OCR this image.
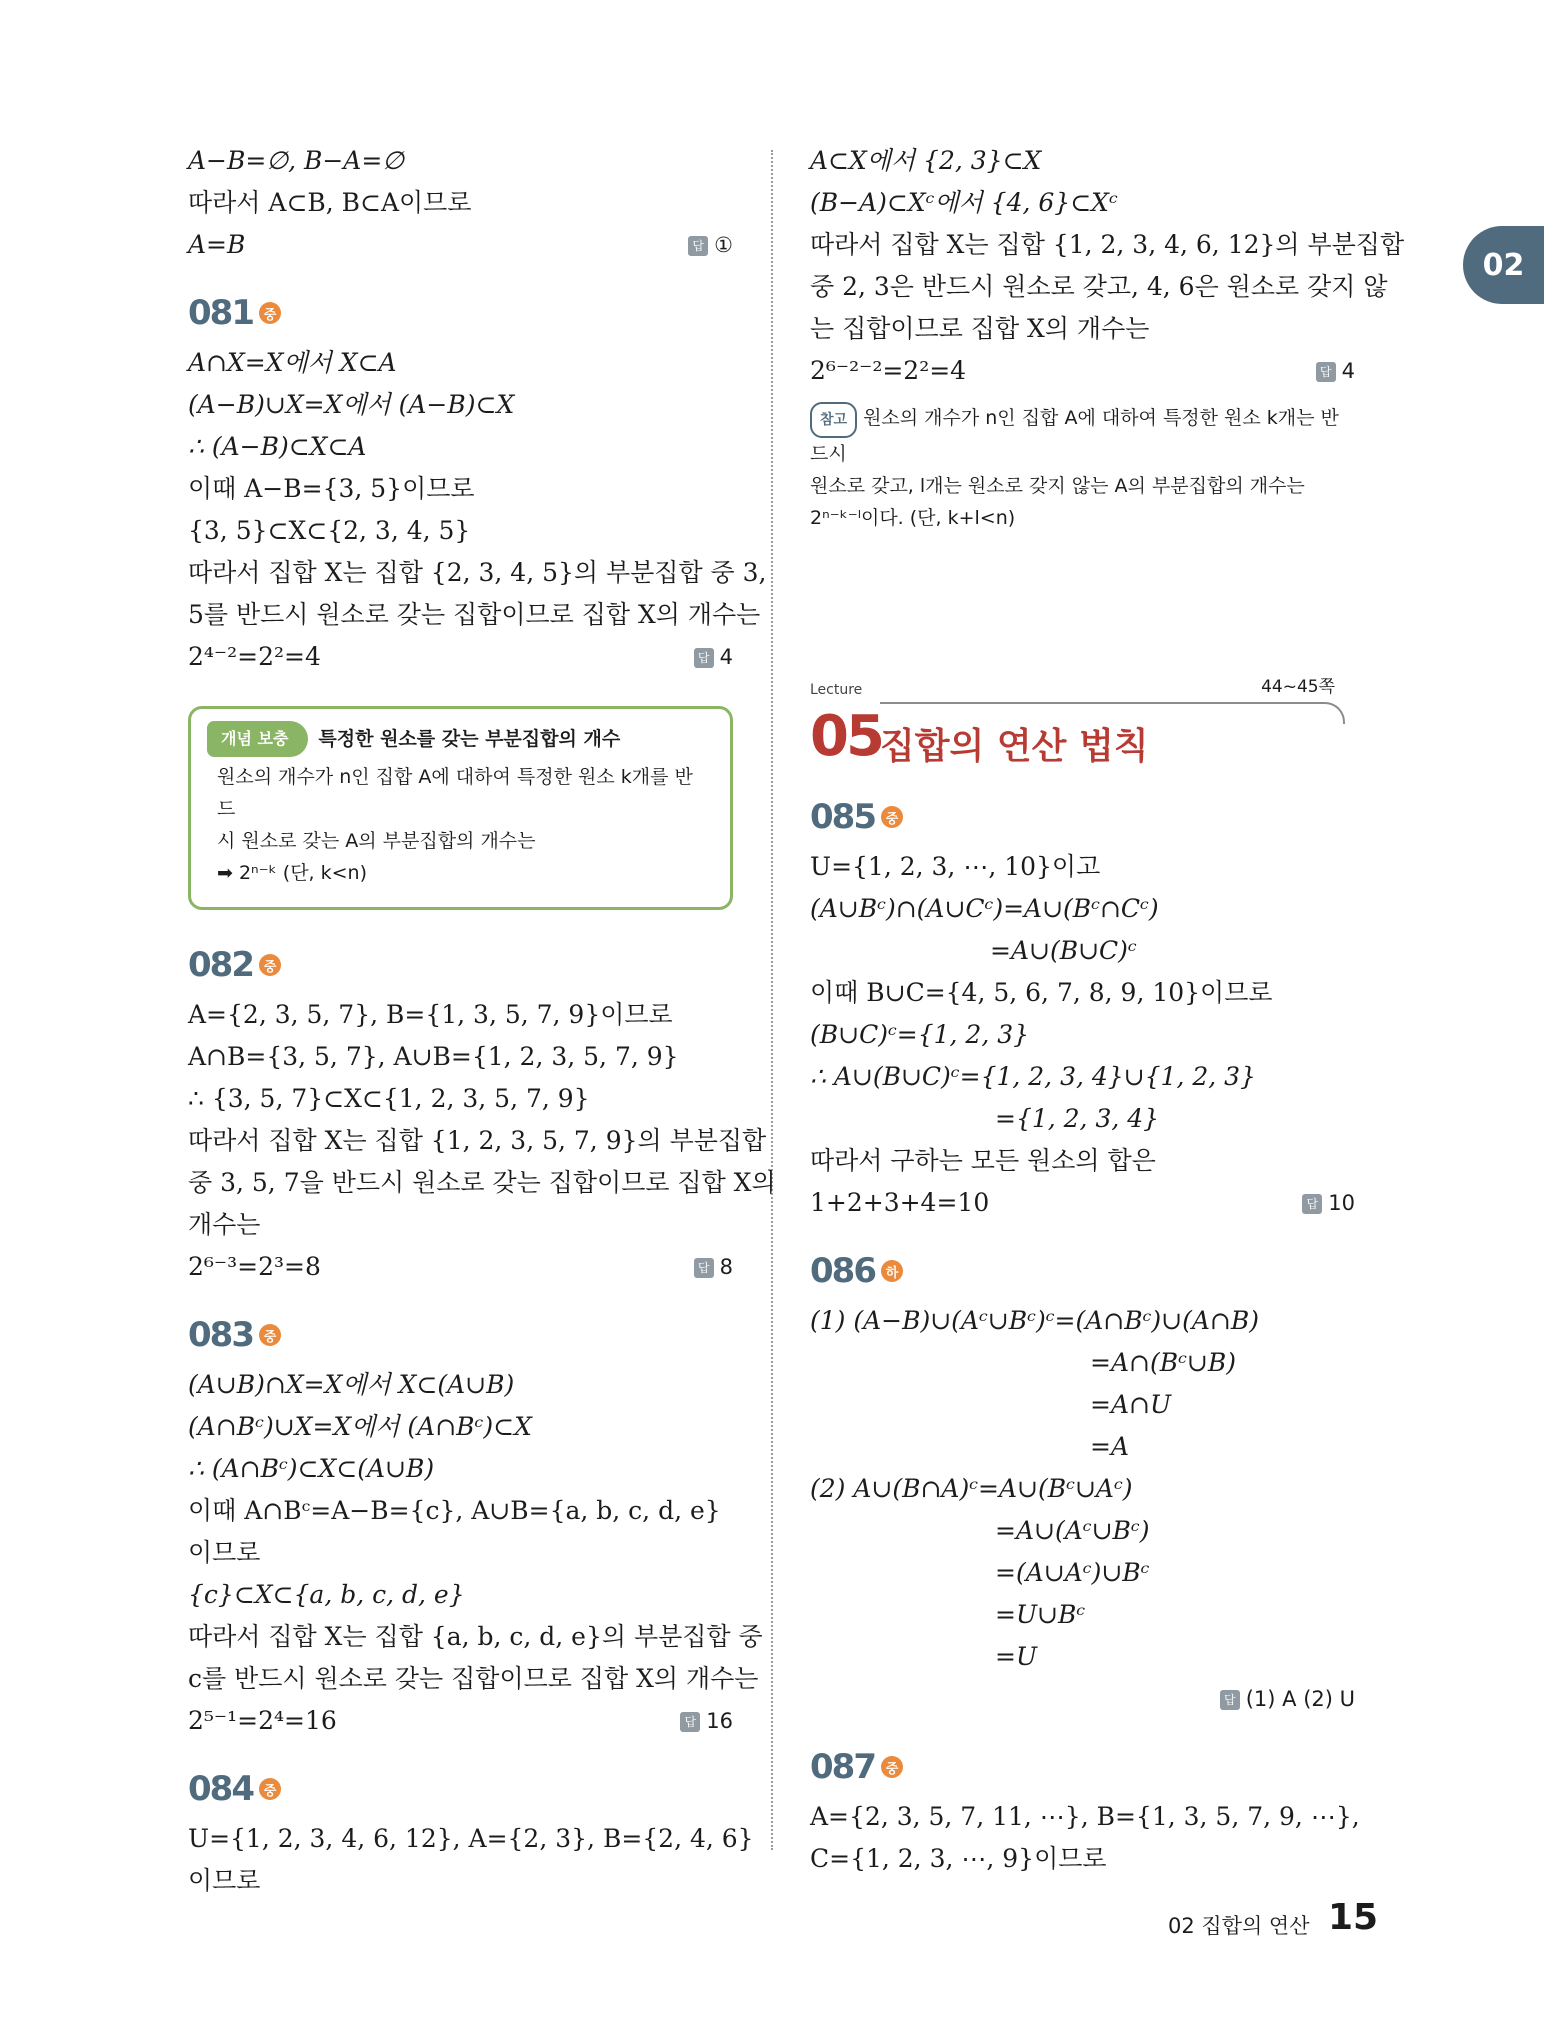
02
A−B=∅, B−A=∅
따라서 A⊂B, B⊂A이므로
A=B	답 ①
081 중
A∩X=X에서 X⊂A
(A−B)∪X=X에서 (A−B)⊂X
∴ (A−B)⊂X⊂A
이때 A−B={3, 5}이므로
{3, 5}⊂X⊂{2, 3, 4, 5}
따라서 집합 X는 집합 {2, 3, 4, 5}의 부분집합 중 3,
5를 반드시 원소로 갖는 집합이므로 집합 X의 개수는
2⁴⁻²=2²=4	답 4
개념 보충	특정한 원소를 갖는 부분집합의 개수
원소의 개수가 n인 집합 A에 대하여 특정한 원소 k개를 반드
시 원소로 갖는 A의 부분집합의 개수는
➡ 2ⁿ⁻ᵏ (단, k<n)
082 중
A={2, 3, 5, 7}, B={1, 3, 5, 7, 9}이므로
A∩B={3, 5, 7}, A∪B={1, 2, 3, 5, 7, 9}
∴ {3, 5, 7}⊂X⊂{1, 2, 3, 5, 7, 9}
따라서 집합 X는 집합 {1, 2, 3, 5, 7, 9}의 부분집합
중 3, 5, 7을 반드시 원소로 갖는 집합이므로 집합 X의
개수는
2⁶⁻³=2³=8	답 8
083 중
(A∪B)∩X=X에서 X⊂(A∪B)
(A∩Bᶜ)∪X=X에서 (A∩Bᶜ)⊂X
∴ (A∩Bᶜ)⊂X⊂(A∪B)
이때 A∩Bᶜ=A−B={c}, A∪B={a, b, c, d, e}
이므로
{c}⊂X⊂{a, b, c, d, e}
따라서 집합 X는 집합 {a, b, c, d, e}의 부분집합 중
c를 반드시 원소로 갖는 집합이므로 집합 X의 개수는
2⁵⁻¹=2⁴=16	답 16
084 중
U={1, 2, 3, 4, 6, 12}, A={2, 3}, B={2, 4, 6}
이므로
A⊂X에서 {2, 3}⊂X
(B−A)⊂Xᶜ에서 {4, 6}⊂Xᶜ
따라서 집합 X는 집합 {1, 2, 3, 4, 6, 12}의 부분집합
중 2, 3은 반드시 원소로 갖고, 4, 6은 원소로 갖지 않
는 집합이므로 집합 X의 개수는
2⁶⁻²⁻²=2²=4	답 4
참고 원소의 개수가 n인 집합 A에 대하여 특정한 원소 k개는 반드시
원소로 갖고, l개는 원소로 갖지 않는 A의 부분집합의 개수는
2ⁿ⁻ᵏ⁻ˡ이다. (단, k+l<n)
Lecture	44~45쪽
05
집합의 연산 법칙
085 중
U={1, 2, 3, ⋯, 10}이고
(A∪Bᶜ)∩(A∪Cᶜ)=A∪(Bᶜ∩Cᶜ)
=A∪(B∪C)ᶜ
이때 B∪C={4, 5, 6, 7, 8, 9, 10}이므로
(B∪C)ᶜ={1, 2, 3}
∴ A∪(B∪C)ᶜ={1, 2, 3, 4}∪{1, 2, 3}
={1, 2, 3, 4}
따라서 구하는 모든 원소의 합은
1+2+3+4=10	답 10
086 하
(1) (A−B)∪(Aᶜ∪Bᶜ)ᶜ=(A∩Bᶜ)∪(A∩B)
=A∩(Bᶜ∪B)
=A∩U
=A
(2) A∪(B∩A)ᶜ=A∪(Bᶜ∪Aᶜ)
=A∪(Aᶜ∪Bᶜ)
=(A∪Aᶜ)∪Bᶜ
=U∪Bᶜ
=U
답 (1) A (2) U

087 중
A={2, 3, 5, 7, 11, ⋯}, B={1, 3, 5, 7, 9, ⋯},
C={1, 2, 3, ⋯, 9}이므로
02 집합의 연산 15
